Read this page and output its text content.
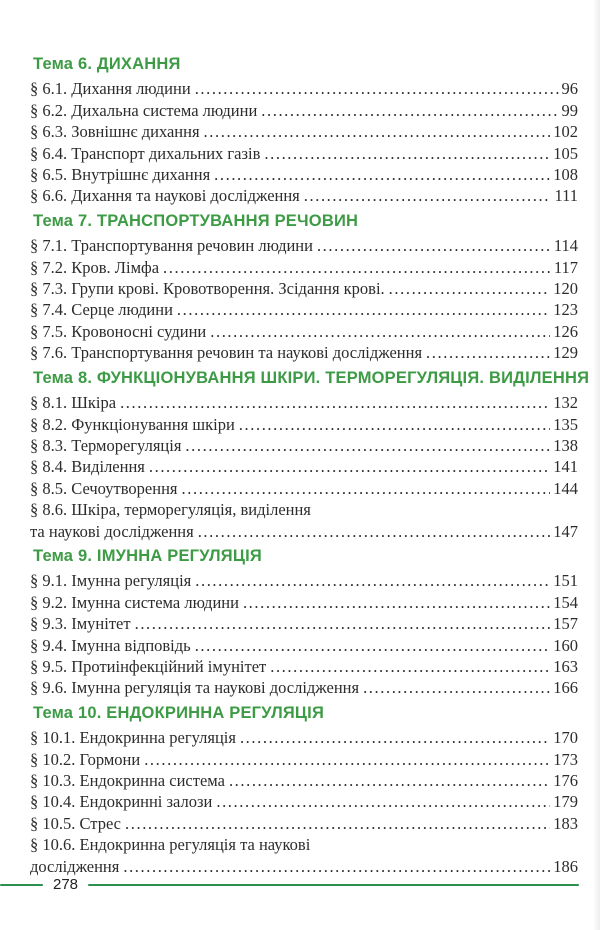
Тема 6. ДИХАННЯ
§ 6.1. Дихання людини .....	96
§ 6.2. Дихальна система людини .....	99
§ 6.3. Зовнішнє дихання .....	102
§ 6.4. Транспорт дихальних газів .....	105
§ 6.5. Внутрішнє дихання .....	108
§ 6.6. Дихання та наукові дослідження .....	111
Тема 7. ТРАНСПОРТУВАННЯ РЕЧОВИН
§ 7.1. Транспортування речовин людини .....	114
§ 7.2. Кров. Лімфа .....	117
§ 7.3. Групи крові. Кровотворення. Зсідання крові. .....	120
§ 7.4. Серце людини .....	123
§ 7.5. Кровоносні судини .....	126
§ 7.6. Транспортування речовин та наукові дослідження .....	129
Тема 8. ФУНКЦІОНУВАННЯ ШКІРИ. ТЕРМОРЕГУЛЯЦІЯ. ВИДІЛЕННЯ
§ 8.1. Шкіра .....	132
§ 8.2. Функціонування шкіри .....	135
§ 8.3. Терморегуляція .....	138
§ 8.4. Виділення .....	141
§ 8.5. Сечоутворення .....	144
§ 8.6. Шкіра, терморегуляція, виділення
та наукові дослідження .....	147
Тема 9. ІМУННА РЕГУЛЯЦІЯ
§ 9.1. Імунна регуляція .....	151
§ 9.2. Імунна система людини .....	154
§ 9.3. Імунітет .....	157
§ 9.4. Імунна відповідь .....	160
§ 9.5. Протиінфекційний імунітет .....	163
§ 9.6. Імунна регуляція та наукові дослідження .....	166
Тема 10. ЕНДОКРИННА РЕГУЛЯЦІЯ
§ 10.1. Ендокринна регуляція .....	170
§ 10.2. Гормони .....	173
§ 10.3. Ендокринна система .....	176
§ 10.4. Ендокринні залози .....	179
§ 10.5. Стрес .....	183
§ 10.6. Ендокринна регуляція та наукові
дослідження .....	186
278
